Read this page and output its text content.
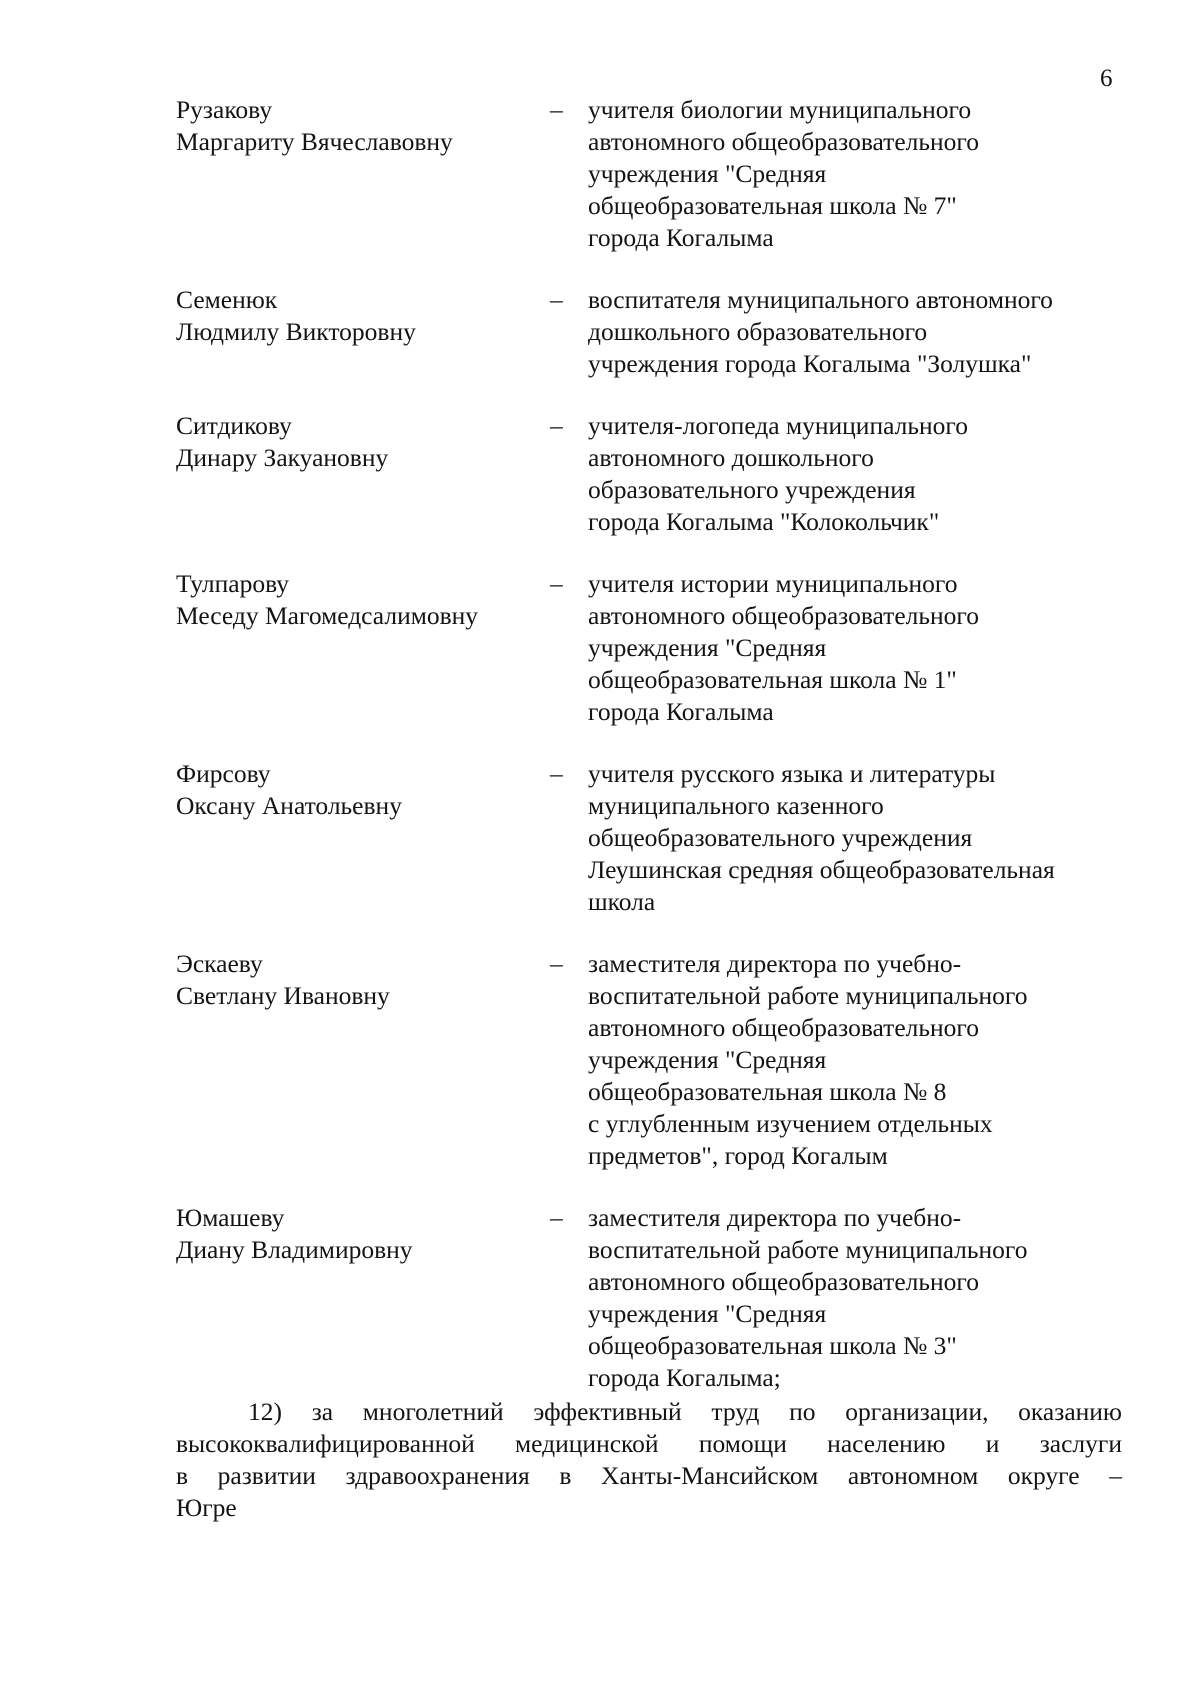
6
Рузакову
Маргариту Вячеславовну
– учителя биологии муниципального
автономного общеобразовательного
учреждения "Средняя
общеобразовательная школа № 7"
города Когалыма
Семенюк
Людмилу Викторовну
– воспитателя муниципального автономного
дошкольного образовательного
учреждения города Когалыма "Золушка"
Ситдикову
Динару Закуановну
– учителя-логопеда муниципального
автономного дошкольного
образовательного учреждения
города Когалыма "Колокольчик"
Тулпарову
Меседу Магомедсалимовну
– учителя истории муниципального
автономного общеобразовательного
учреждения "Средняя
общеобразовательная школа № 1"
города Когалыма
Фирсову
Оксану Анатольевну
– учителя русского языка и литературы
муниципального казенного
общеобразовательного учреждения
Леушинская средняя общеобразовательная
школа
Эскаеву
Светлану Ивановну
– заместителя директора по учебно-
воспитательной работе муниципального
автономного общеобразовательного
учреждения "Средняя
общеобразовательная школа № 8
с углубленным изучением отдельных
предметов", город Когалым
Юмашеву
Диану Владимировну
– заместителя директора по учебно-
воспитательной работе муниципального
автономного общеобразовательного
учреждения "Средняя
общеобразовательная школа № 3"
города Когалыма;
12) за многолетний эффективный труд по организации, оказанию
высококвалифицированной медицинской помощи населению и заслуги
в развитии здравоохранения в Ханты-Мансийском автономном округе –
Югре
